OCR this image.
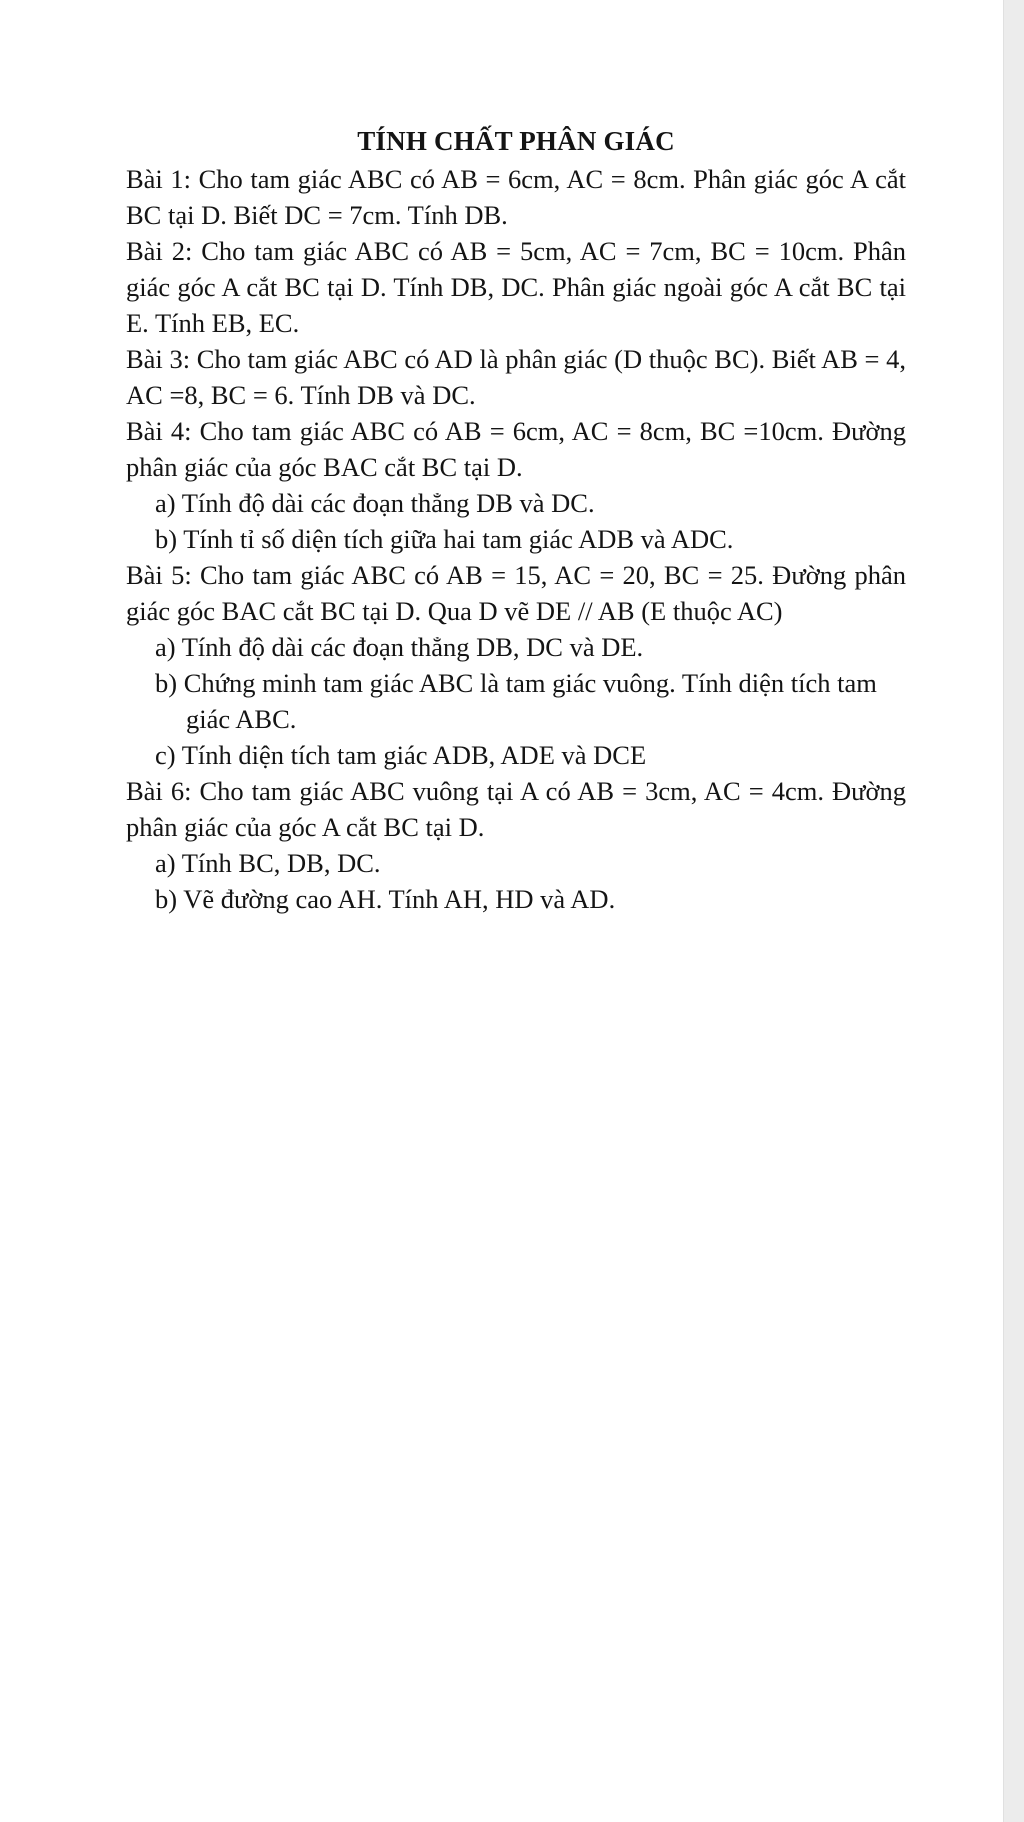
TÍNH CHẤT PHÂN GIÁC

Bài 1: Cho tam giác ABC có AB = 6cm, AC = 8cm. Phân giác góc A cắt BC tại D. Biết DC = 7cm. Tính DB.

Bài 2: Cho tam giác ABC có AB = 5cm, AC = 7cm, BC = 10cm. Phân giác góc A cắt BC tại D. Tính DB, DC. Phân giác ngoài góc A cắt BC tại E. Tính EB, EC.

Bài 3: Cho tam giác ABC có AD là phân giác (D thuộc BC). Biết AB = 4, AC =8, BC = 6. Tính DB và DC.

Bài 4: Cho tam giác ABC có AB = 6cm, AC = 8cm, BC =10cm. Đường phân giác của góc BAC cắt BC tại D.

a) Tính độ dài các đoạn thẳng DB và DC.

b) Tính tỉ số diện tích giữa hai tam giác ADB và ADC.

Bài 5: Cho tam giác ABC có AB = 15, AC = 20, BC = 25. Đường phân giác góc BAC cắt BC tại D. Qua D vẽ DE // AB (E thuộc AC)

a) Tính độ dài các đoạn thẳng DB, DC và DE.

b) Chứng minh tam giác ABC là tam giác vuông. Tính diện tích tam giác ABC.

c) Tính diện tích tam giác ADB, ADE và DCE

Bài 6: Cho tam giác ABC vuông tại A có AB = 3cm, AC = 4cm. Đường phân giác của góc A cắt BC tại D.

a) Tính BC, DB, DC.

b) Vẽ đường cao AH. Tính AH, HD và AD.
